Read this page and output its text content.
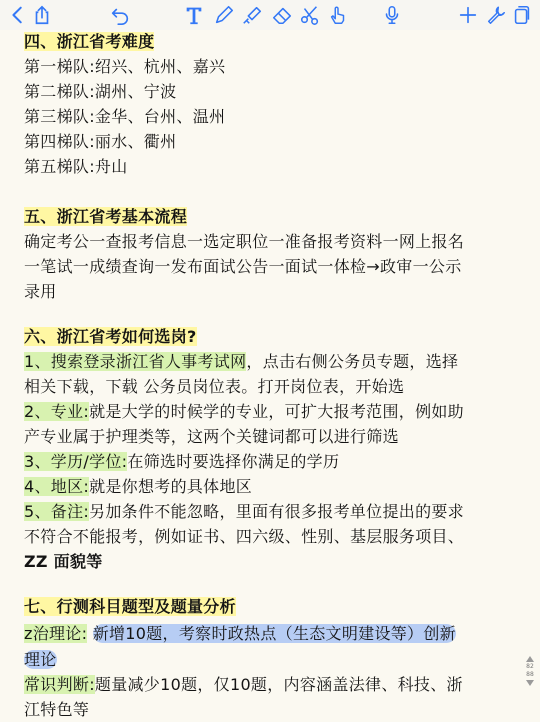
四、浙江省考难度
第一梯队:绍兴、杭州、嘉兴
第二梯队:湖州、宁波
第三梯队:金华、台州、温州
第四梯队:丽水、衢州
第五梯队:舟山
五、浙江省考基本流程
确定考公一查报考信息一选定职位一准备报考资料一网上报名
一笔试一成绩查询一发布面试公告一面试一体检→政审一公示
录用
六、浙江省考如何选岗?
1、搜索登录浙江省人事考试网，点击右侧公务员专题，选择
相关下载，下载 公务员岗位表。打开岗位表，开始选
2、专业:就是大学的时候学的专业，可扩大报考范围，例如助
产专业属于护理类等，这两个关键词都可以进行筛选
3、学历/学位:在筛选时要选择你满足的学历
4、地区:就是你想考的具体地区
5、备注:另加条件不能忽略，里面有很多报考单位提出的要求
不符合不能报考，例如证书、四六级、性别、基层服务项目、
ZZ 面貌等
七、行测科目题型及题量分析
z治理论: 新增10题，考察时政热点（生态文明建设等）创新
理论
常识判断:题量减少10题，仅10题，内容涵盖法律、科技、浙
江特色等
82
88
